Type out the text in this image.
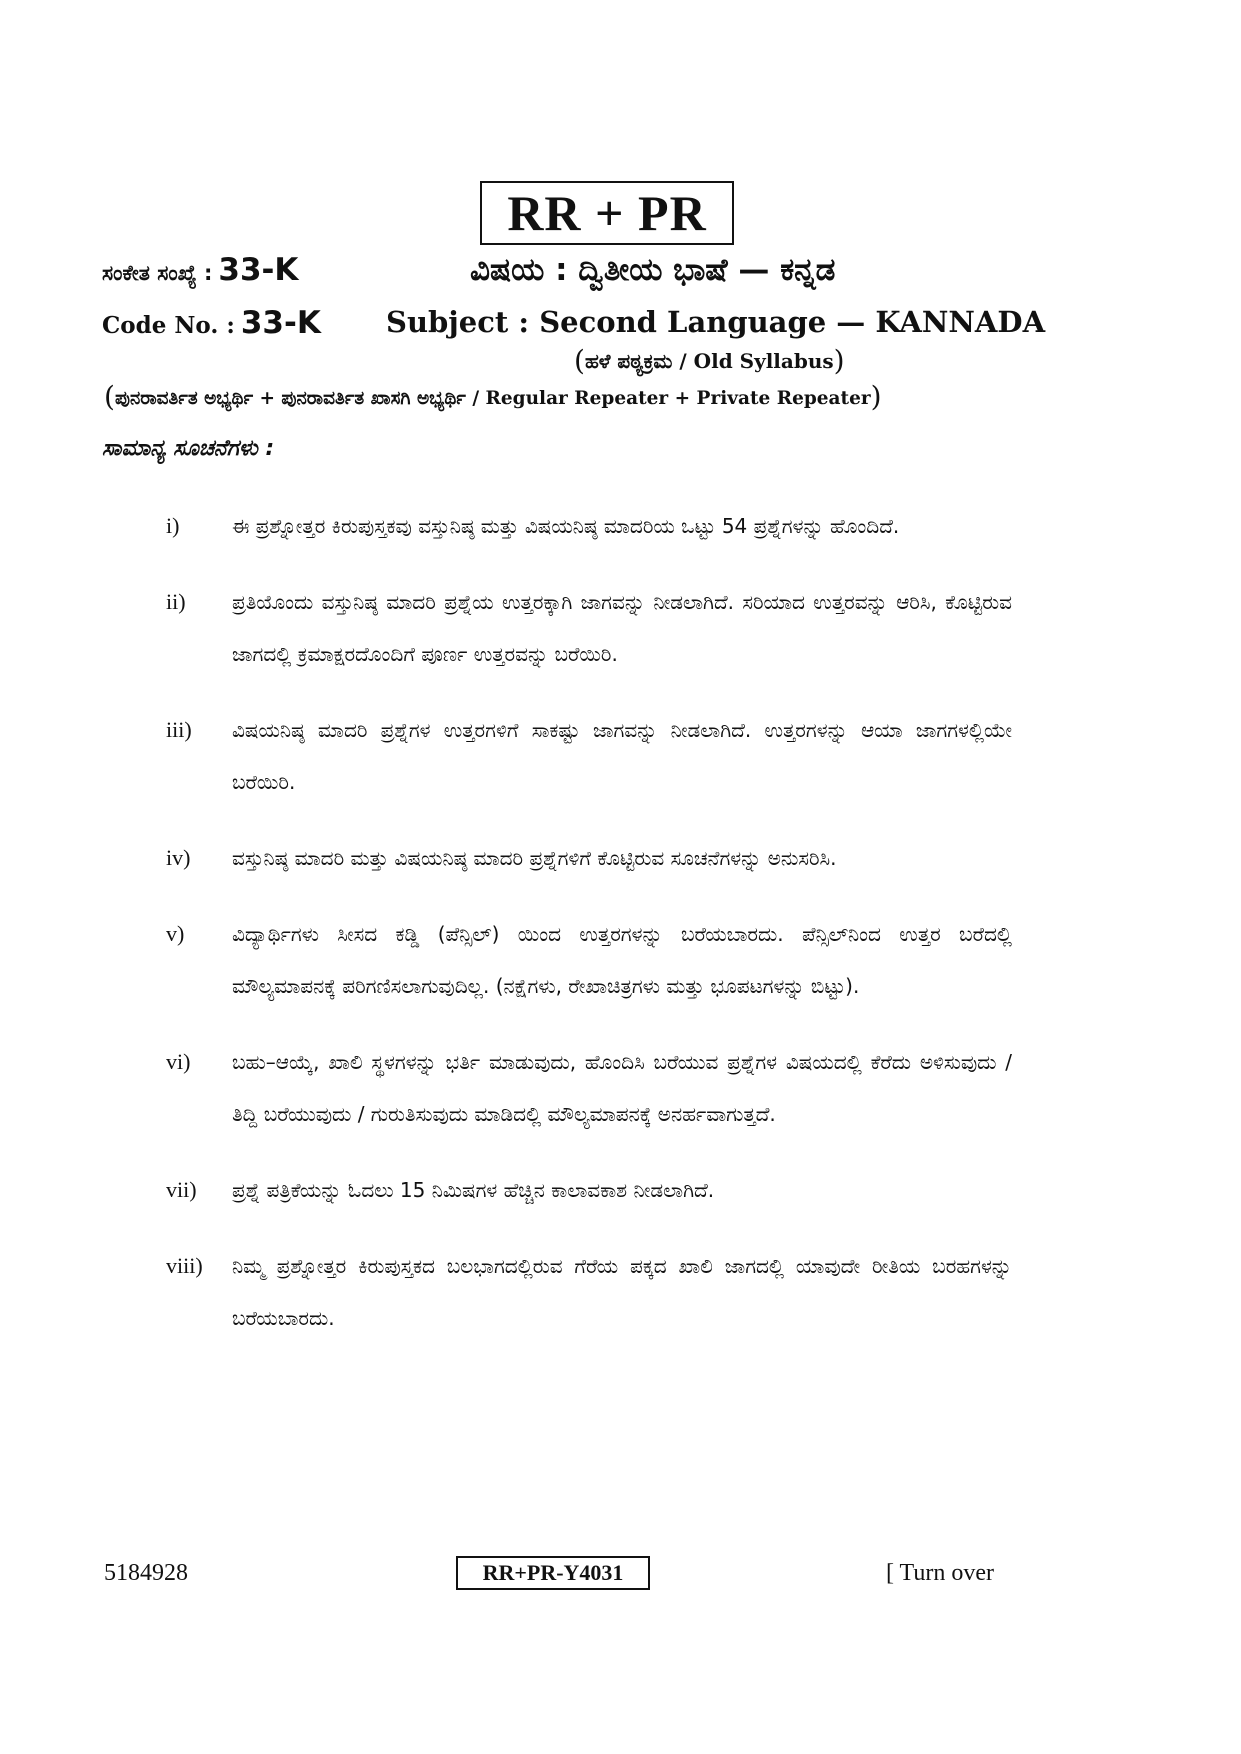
RR + PR
ಸಂಕೇತ ಸಂಖ್ಯೆ : 33-K	ವಿಷಯ : ದ್ವಿತೀಯ ಭಾಷೆ — ಕನ್ನಡ
Code No. : 33-K Subject : Second Language — KANNADA
(ಹಳೆ ಪಠ್ಯಕ್ರಮ / Old Syllabus)
(ಪುನರಾವರ್ತಿತ ಅಭ್ಯರ್ಥಿ + ಪುನರಾವರ್ತಿತ ಖಾಸಗಿ ಅಭ್ಯರ್ಥಿ / Regular Repeater + Private Repeater)
ಸಾಮಾನ್ಯ ಸೂಚನೆಗಳು :
i)	ಈ ಪ್ರಶ್ನೋತ್ತರ ಕಿರುಪುಸ್ತಕವು ವಸ್ತುನಿಷ್ಠ ಮತ್ತು ವಿಷಯನಿಷ್ಠ ಮಾದರಿಯ ಒಟ್ಟು 54 ಪ್ರಶ್ನೆಗಳನ್ನು ಹೊಂದಿದೆ.
ii)	ಪ್ರತಿಯೊಂದು ವಸ್ತುನಿಷ್ಠ ಮಾದರಿ ಪ್ರಶ್ನೆಯ ಉತ್ತರಕ್ಕಾಗಿ ಜಾಗವನ್ನು ನೀಡಲಾಗಿದೆ. ಸರಿಯಾದ ಉತ್ತರವನ್ನು ಆರಿಸಿ, ಕೊಟ್ಟಿರುವ ಜಾಗದಲ್ಲಿ ಕ್ರಮಾಕ್ಷರದೊಂದಿಗೆ ಪೂರ್ಣ ಉತ್ತರವನ್ನು ಬರೆಯಿರಿ.
iii)	ವಿಷಯನಿಷ್ಠ ಮಾದರಿ ಪ್ರಶ್ನೆಗಳ ಉತ್ತರಗಳಿಗೆ ಸಾಕಷ್ಟು ಜಾಗವನ್ನು ನೀಡಲಾಗಿದೆ. ಉತ್ತರಗಳನ್ನು ಆಯಾ ಜಾಗಗಳಲ್ಲಿಯೇ ಬರೆಯಿರಿ.
iv)	ವಸ್ತುನಿಷ್ಠ ಮಾದರಿ ಮತ್ತು ವಿಷಯನಿಷ್ಠ ಮಾದರಿ ಪ್ರಶ್ನೆಗಳಿಗೆ ಕೊಟ್ಟಿರುವ ಸೂಚನೆಗಳನ್ನು ಅನುಸರಿಸಿ.
v)	ವಿದ್ಯಾರ್ಥಿಗಳು ಸೀಸದ ಕಡ್ಡಿ (ಪೆನ್ಸಿಲ್) ಯಿಂದ ಉತ್ತರಗಳನ್ನು ಬರೆಯಬಾರದು. ಪೆನ್ಸಿಲ್‌ನಿಂದ ಉತ್ತರ ಬರೆದಲ್ಲಿ ಮೌಲ್ಯಮಾಪನಕ್ಕೆ ಪರಿಗಣಿಸಲಾಗುವುದಿಲ್ಲ. (ನಕ್ಷೆಗಳು, ರೇಖಾಚಿತ್ರಗಳು ಮತ್ತು ಭೂಪಟಗಳನ್ನು ಬಿಟ್ಟು).
vi)	ಬಹು–ಆಯ್ಕೆ, ಖಾಲಿ ಸ್ಥಳಗಳನ್ನು ಭರ್ತಿ ಮಾಡುವುದು, ಹೊಂದಿಸಿ ಬರೆಯುವ ಪ್ರಶ್ನೆಗಳ ವಿಷಯದಲ್ಲಿ ಕೆರೆದು ಅಳಿಸುವುದು / ತಿದ್ದಿ ಬರೆಯುವುದು / ಗುರುತಿಸುವುದು ಮಾಡಿದಲ್ಲಿ ಮೌಲ್ಯಮಾಪನಕ್ಕೆ ಅನರ್ಹವಾಗುತ್ತದೆ.
vii)	ಪ್ರಶ್ನೆ ಪತ್ರಿಕೆಯನ್ನು ಓದಲು 15 ನಿಮಿಷಗಳ ಹೆಚ್ಚಿನ ಕಾಲಾವಕಾಶ ನೀಡಲಾಗಿದೆ.
viii)	ನಿಮ್ಮ ಪ್ರಶ್ನೋತ್ತರ ಕಿರುಪುಸ್ತಕದ ಬಲಭಾಗದಲ್ಲಿರುವ ಗೆರೆಯ ಪಕ್ಕದ ಖಾಲಿ ಜಾಗದಲ್ಲಿ ಯಾವುದೇ ರೀತಿಯ ಬರಹಗಳನ್ನು ಬರೆಯಬಾರದು.
5184928	RR+PR-Y4031	[ Turn over
